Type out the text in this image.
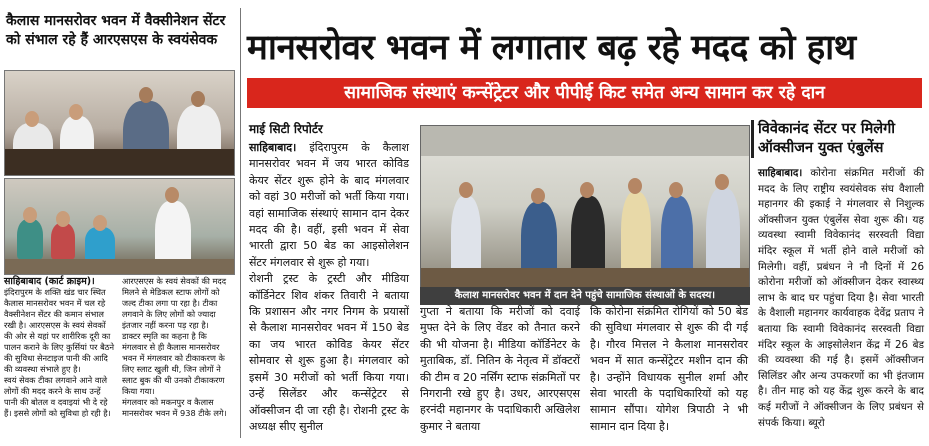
कैलास मानसरोवर भवन में वैक्सीनेशन सेंटर को संभाल रहे हैं आरएसएस के स्वयंसेवक
साहिबाबाद (कार्ट क्राइम)। इंदिरापुरम के शक्ति खंड चार स्थित कैलास मानसरोवर भवन में चल रहे वैक्सीनेशन सेंटर की कमान संभाल रखी है। आरएसएस के स्वयं सेवकों की ओर से यहां पर शारीरिक दूरी का पालन कराने के लिए कुर्सियां पर बैठने की सुविधा सेनटाइज पानी की आदि की व्यवस्था संभाले हुए है।
स्वयं सेवक टीका लगवाने आने वाले लोगों की मदद करने के साथ उन्हें पानी की बोतल व दवाइयां भी दे रहे हैं। इससे लोगों को सुविधा हो रही है।
आरएसएस के स्वयं सेवकों की मदद मिलने से मेडिकल स्टाफ लोगों को जल्द टीका लगा पा रहा है। टीका लगवाने के लिए लोगों को ज्यादा इंतजार नहीं करना पड़ रहा है।
डाक्टर स्मृति का कहना है कि मंगलवार से ही कैलास मानसरोवर भवन में मंगलवार को टीकाकरण के लिए स्लाट खुली थी, जिन लोगों ने स्लाट बुक की थी उनको टीकाकरण किया गया।
मंगलवार को मकनपुर व कैलास मानसरोवर भवन में 938 टीके लगे।
मानसरोवर भवन में लगातार बढ़ रहे मदद को हाथ
सामाजिक संस्थाएं कन्सेंट्रेटर और पीपीई किट समेत अन्य सामान कर रहे दान
माई सिटी रिपोर्टर
साहिबाबाद। इंदिरापुरम के कैलाश मानसरोवर भवन में जय भारत कोविड केयर सेंटर शुरू होने के बाद मंगलवार को वहां 30 मरीजों को भर्ती किया गया। वहां सामाजिक संस्थाएं सामान दान देकर मदद की है। वहीं, इसी भवन में सेवा भारती द्वारा 50 बेड का आइसोलेशन सेंटर मंगलवार से शुरू हो गया।
रोशनी ट्रस्ट के ट्रस्टी और मीडिया कॉर्डिनेटर शिव शंकर तिवारी ने बताया कि प्रशासन और नगर निगम के प्रयासों से कैलाश मानसरोवर भवन में 150 बेड का जय भारत कोविड केयर सेंटर सोमवार से शुरू हुआ है। मंगलवार को इसमें 30 मरीजों को भर्ती किया गया। उन्हें सिलेंडर और कन्सेंट्रेटर से ऑक्सीजन दी जा रही है। रोशनी ट्रस्ट के अध्यक्ष सीए सुनील
कैलाश मानसरोवर भवन में दान देने पहुंचे सामाजिक संस्थाओं के सदस्य।
गुप्ता ने बताया कि मरीजों को दवाई मुफ्त देने के लिए वेंडर को तैनात करने की भी योजना है। मीडिया कॉर्डिनेटर के मुताबिक, डॉ. नितिन के नेतृत्व में डॉक्टरों की टीम व 20 नर्सिंग स्टाफ संक्रमितों पर निगरानी रखे हुए है। उधर, आरएसएस हरनंदी महानगर के पदाधिकारी अखिलेश कुमार ने बताया
कि कोरोना संक्रमित रोगियों को 50 बेड की सुविधा मंगलवार से शुरू की दी गई है। गौरव मित्तल ने कैलाश मानसरोवर भवन में सात कन्सेंट्रेटर मशीन दान की है। उन्होंने विधायक सुनील शर्मा और सेवा भारती के पदाधिकारियों को यह सामान सौंपा। योगेश त्रिपाठी ने भी सामान दान दिया है।
विवेकानंद सेंटर पर मिलेगी ऑक्सीजन युक्त एंबुलेंस
साहिबाबाद। कोरोना संक्रमित मरीजों की मदद के लिए राष्ट्रीय स्वयंसेवक संघ वैशाली महानगर की इकाई ने मंगलवार से निशुल्क ऑक्सीजन युक्त एंबुलेंस सेवा शुरू की। यह व्यवस्था स्वामी विवेकानंद सरस्वती विद्या मंदिर स्कूल में भर्ती होने वाले मरीजों को मिलेगी। वहीं, प्रबंधन ने नौ दिनों में 26 कोरोना मरीजों को ऑक्सीजन देकर स्वास्थ्य लाभ के बाद घर पहुंचा दिया है। सेवा भारती के वैशाली महानगर कार्यवाहक देवेंद्र प्रताप ने बताया कि स्वामी विवेकानंद सरस्वती विद्या मंदिर स्कूल के आइसोलेशन केंद्र में 26 बेड की व्यवस्था की गई है। इसमें ऑक्सीजन सिलिंडर और अन्य उपकरणों का भी इंतजाम है। तीन माह को यह केंद्र शुरू करने के बाद कई मरीजों ने ऑक्सीजन के लिए प्रबंधन से संपर्क किया। ब्यूरो
